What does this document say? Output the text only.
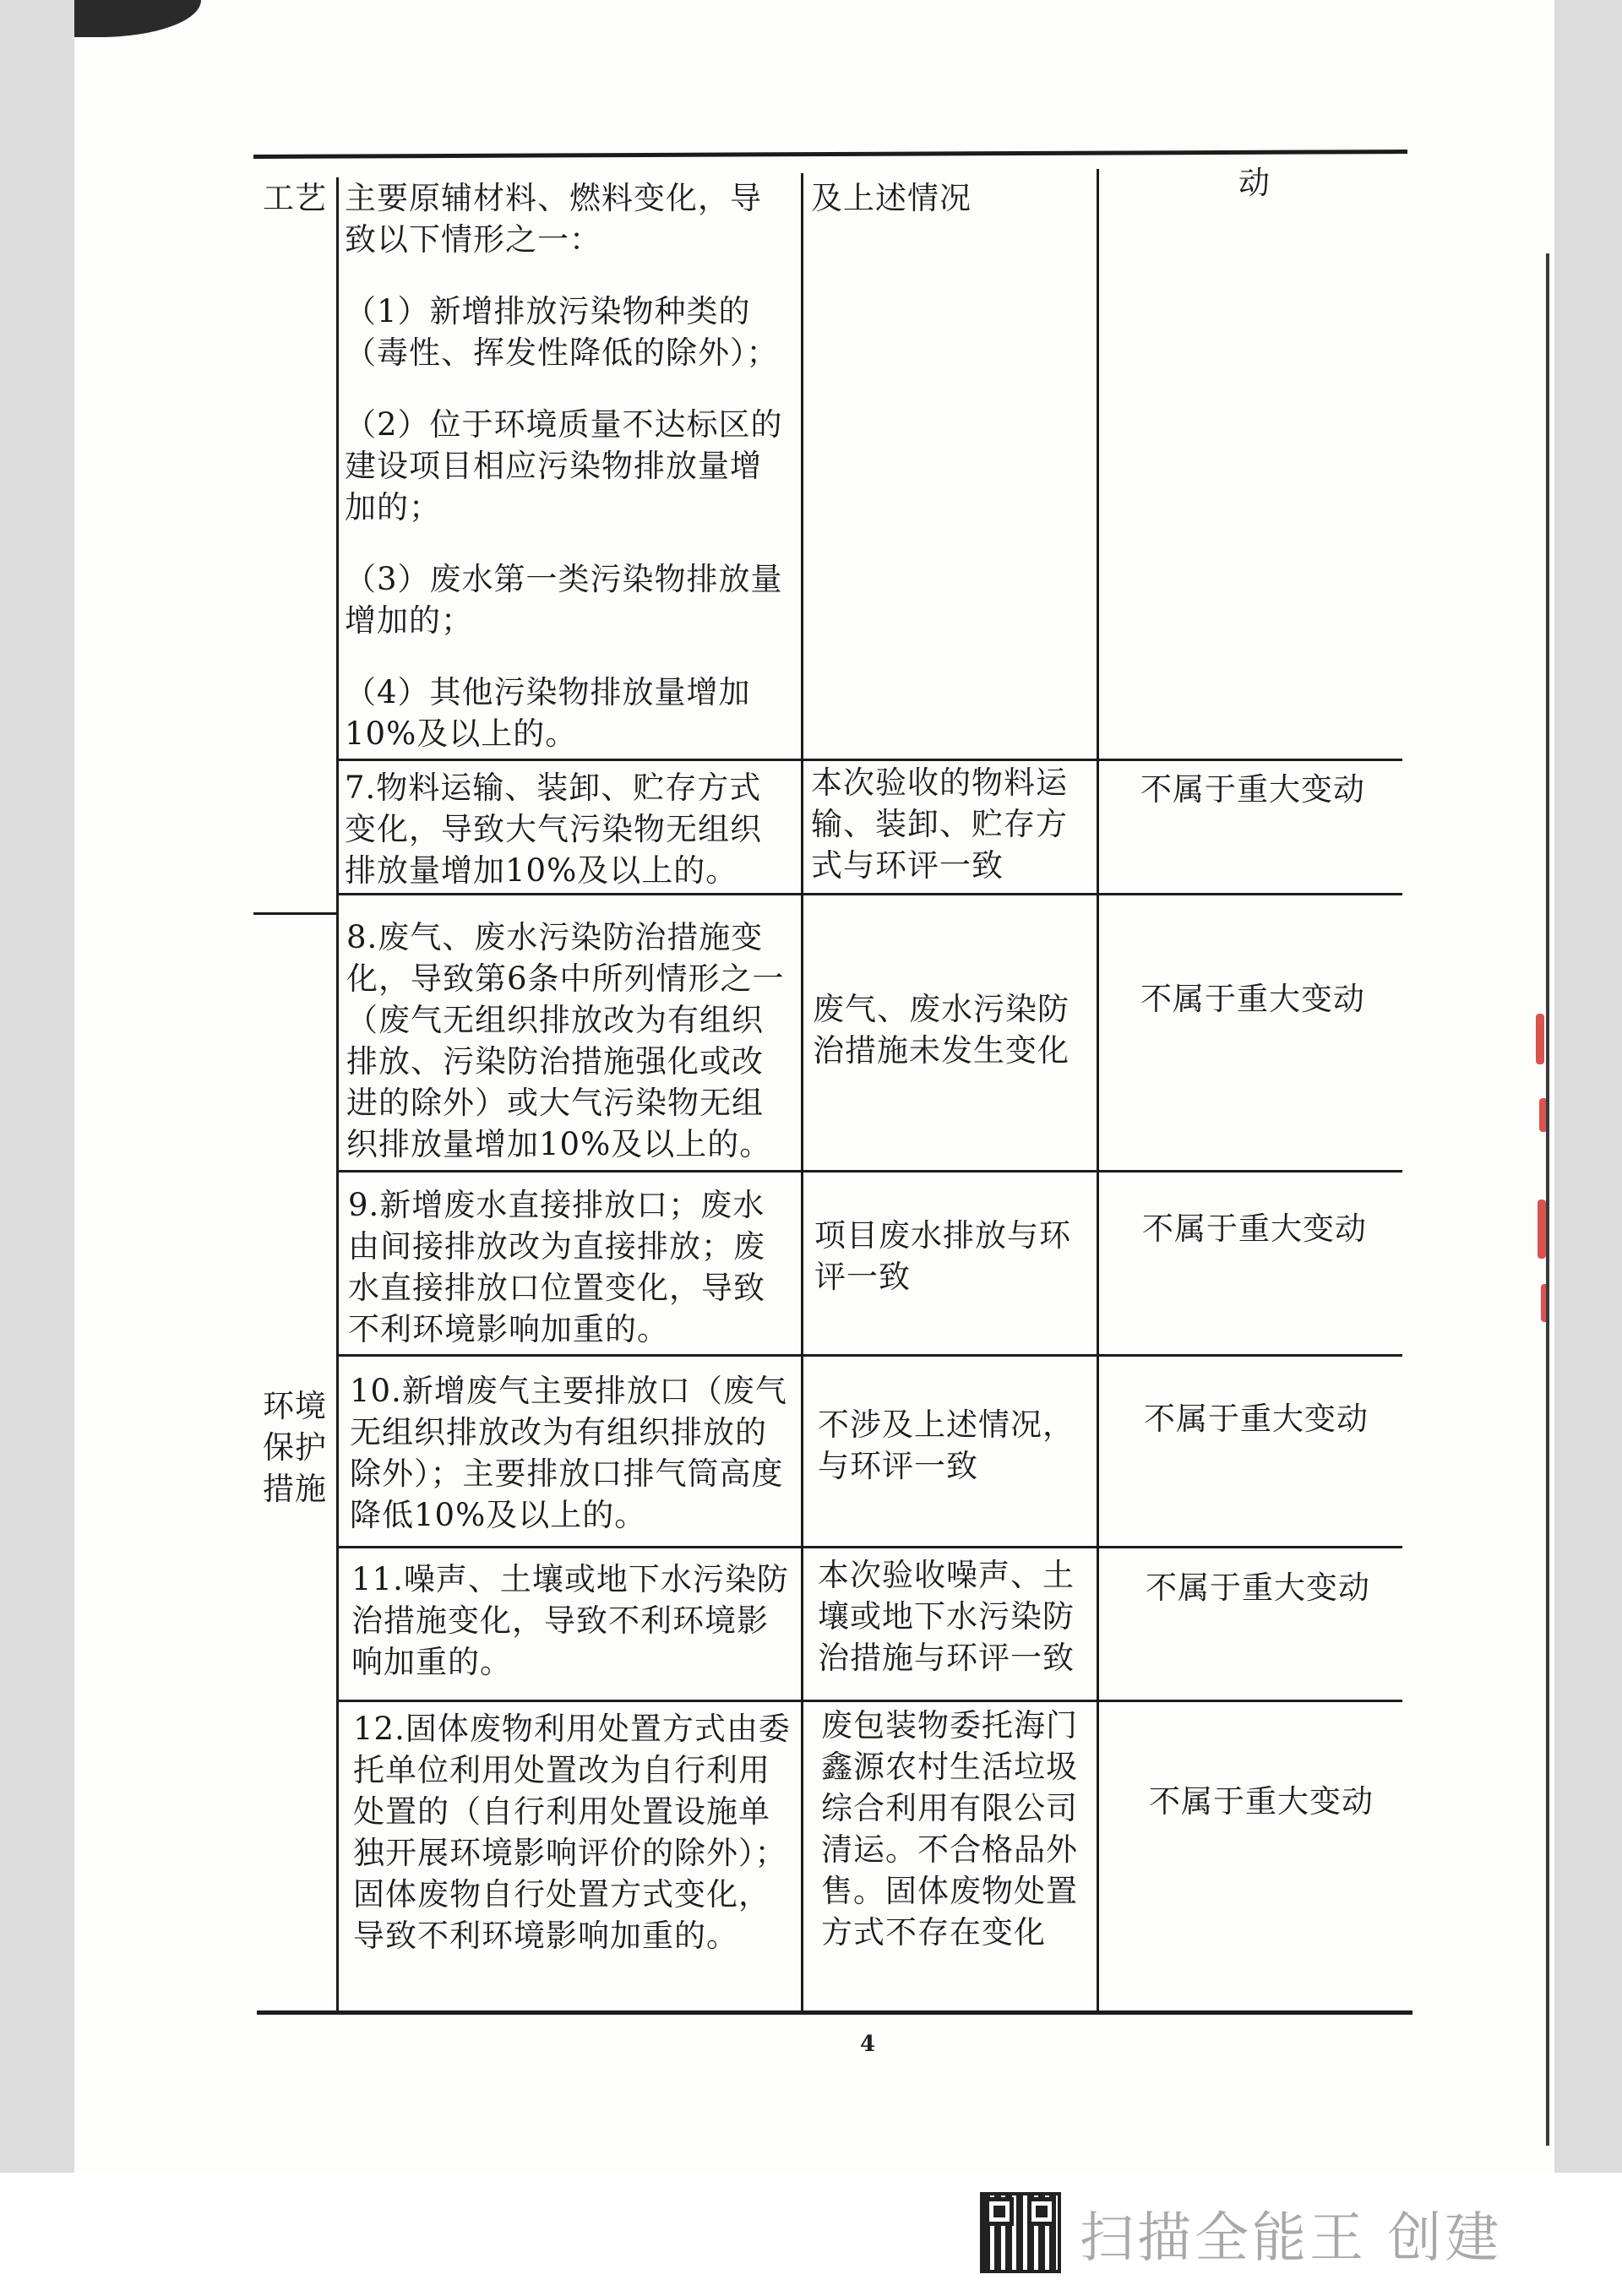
工艺
环境
保护
措施

主要原辅材料、燃料变化，导致以下情形之一：

（1）新增排放污染物种类的（毒性、挥发性降低的除外）；

（2）位于环境质量不达标区的建设项目相应污染物排放量增加的；

（3）废水第一类污染物排放量增加的；

（4）其他污染物排放量增加10%及以上的。

及上述情况	动
7.物料运输、装卸、贮存方式变化，导致大气污染物无组织排放量增加10%及以上的。
本次验收的物料运输、装卸、贮存方式与环评一致
不属于重大变动
8.废气、废水污染防治措施变化，导致第6条中所列情形之一（废气无组织排放改为有组织排放、污染防治措施强化或改进的除外）或大气污染物无组织排放量增加10%及以上的。
废气、废水污染防治措施未发生变化
不属于重大变动
9.新增废水直接排放口；废水由间接排放改为直接排放；废水直接排放口位置变化，导致不利环境影响加重的。
项目废水排放与环评一致
不属于重大变动
10.新增废气主要排放口（废气无组织排放改为有组织排放的除外）；主要排放口排气筒高度降低10%及以上的。
不涉及上述情况，与环评一致
不属于重大变动
11.噪声、土壤或地下水污染防治措施变化，导致不利环境影响加重的。
本次验收噪声、土壤或地下水污染防治措施与环评一致
不属于重大变动
12.固体废物利用处置方式由委托单位利用处置改为自行利用处置的（自行利用处置设施单独开展环境影响评价的除外）；固体废物自行处置方式变化，导致不利环境影响加重的。
废包装物委托海门鑫源农村生活垃圾综合利用有限公司清运。不合格品外售。固体废物处置方式不存在变化
不属于重大变动
4
扫描全能王 创建
